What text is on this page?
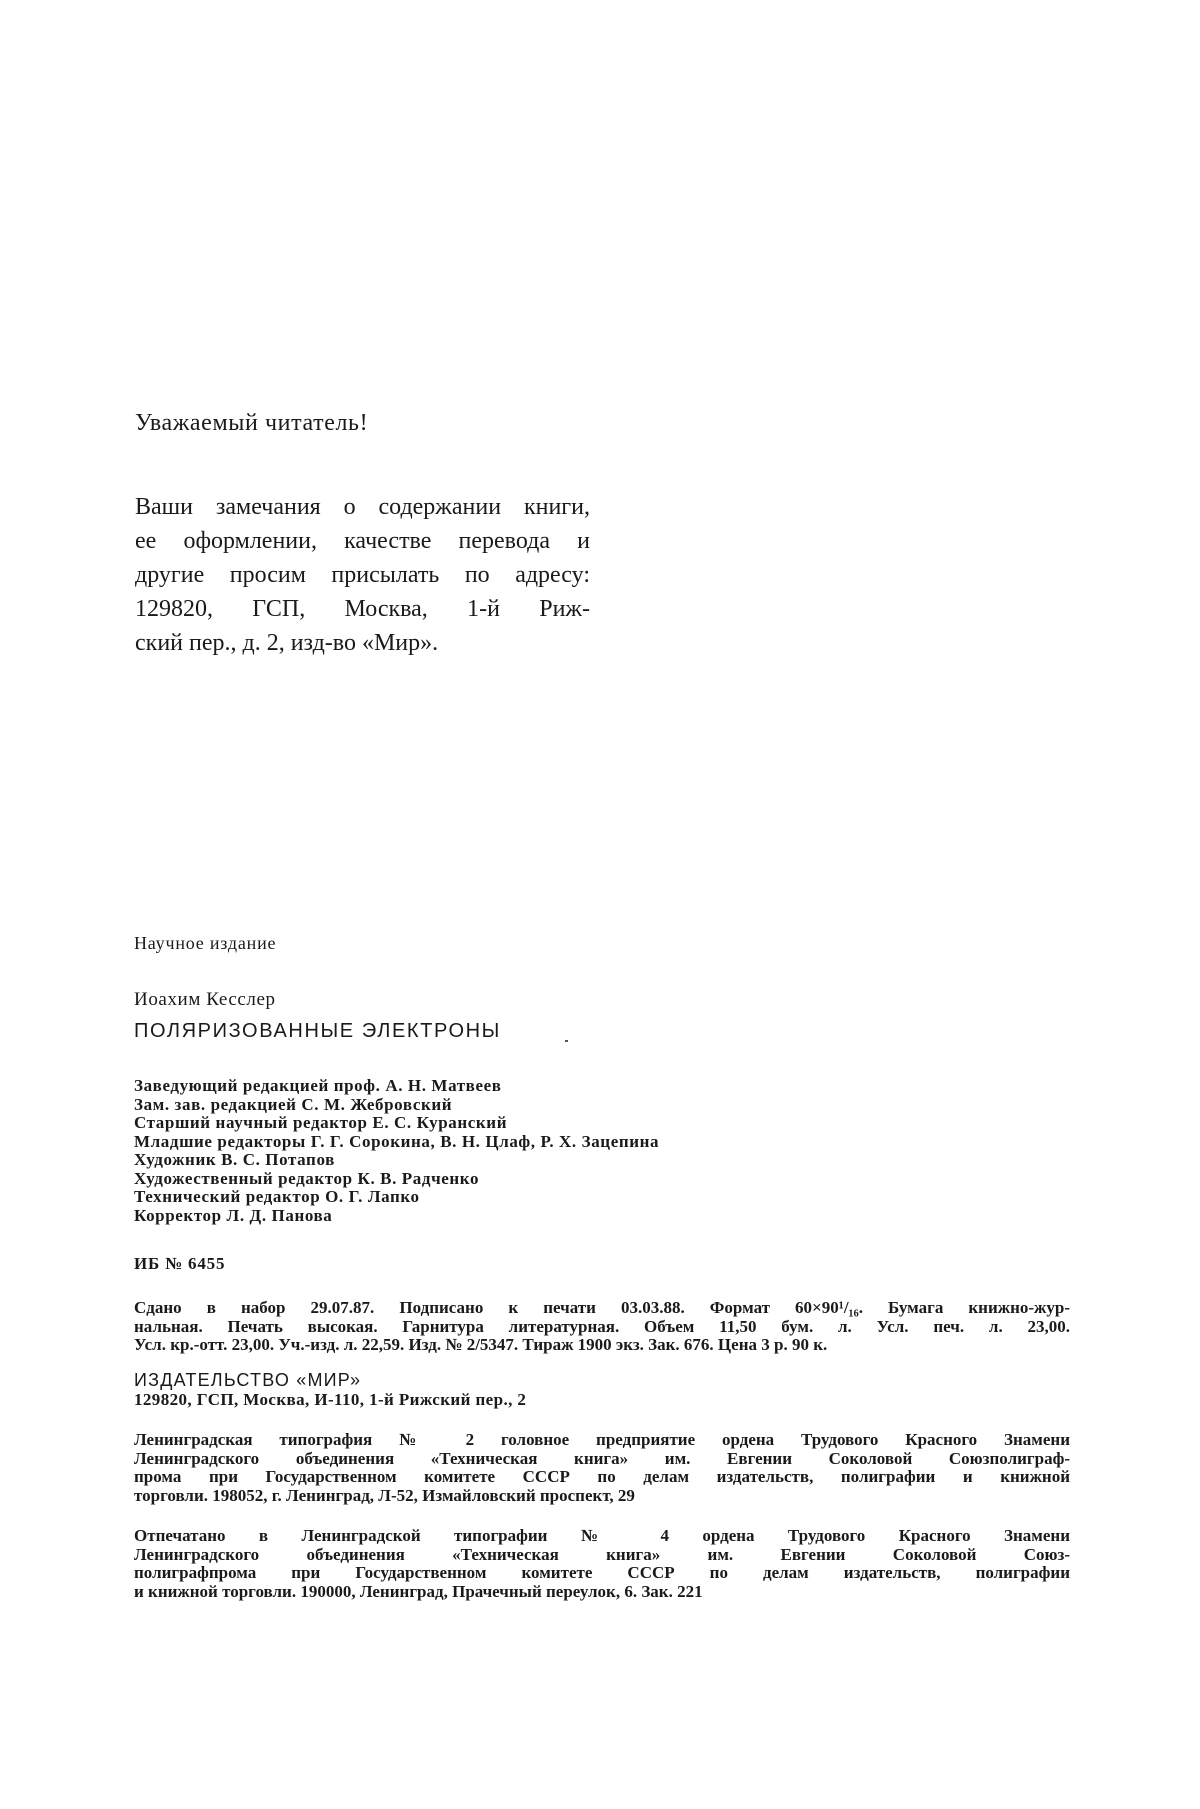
Уважаемый читатель!

Ваши замечания о содержании книги,
ее оформлении, качестве перевода и
другие просим присылать по адресу:
129820, ГСП, Москва, 1-й Риж-
ский пер., д. 2, изд-во «Мир».
Научное издание
Иоахим Кесслер
ПОЛЯРИЗОВАННЫЕ ЭЛЕКТРОНЫ
Заведующий редакцией проф. А. Н. Матвеев
Зам. зав. редакцией С. М. Жебровский
Старший научный редактор Е. С. Куранский
Младшие редакторы Г. Г. Сорокина, В. Н. Цлаф, Р. Х. Зацепина
Художник В. С. Потапов
Художественный редактор К. В. Радченко
Технический редактор О. Г. Лапко
Корректор Л. Д. Панова
ИБ № 6455
Сдано в набор 29.07.87. Подписано к печати 03.03.88. Формат 60×90¹/₁₆. Бумага книжно-жур-
нальная. Печать высокая. Гарнитура литературная. Объем 11,50 бум. л. Усл. печ. л. 23,00.
Усл. кр.-отт. 23,00. Уч.-изд. л. 22,59. Изд. № 2/5347. Тираж 1900 экз. Зак. 676. Цена 3 р. 90 к.
ИЗДАТЕЛЬСТВО «МИР»
129820, ГСП, Москва, И-110, 1-й Рижский пер., 2
Ленинградская типография № 2 головное предприятие ордена Трудового Красного Знамени
Ленинградского объединения «Техническая книга» им. Евгении Соколовой Союзполиграф-
прома при Государственном комитете СССР по делам издательств, полиграфии и книжной
торговли. 198052, г. Ленинград, Л-52, Измайловский проспект, 29
Отпечатано в Ленинградской типографии № 4 ордена Трудового Красного Знамени
Ленинградского объединения «Техническая книга» им. Евгении Соколовой Союз-
полиграфпрома при Государственном комитете СССР по делам издательств, полиграфии
и книжной торговли. 190000, Ленинград, Прачечный переулок, 6. Зак. 221
